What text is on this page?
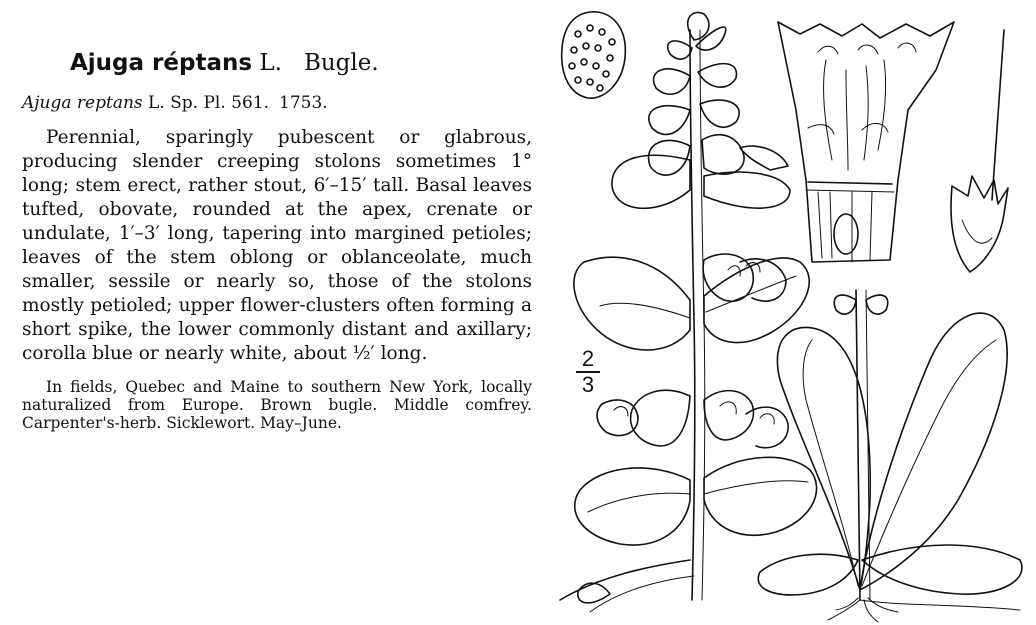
Ajuga réptans L. Bugle.

Ajuga reptans L. Sp. Pl. 561. 1753.

Perennial, sparingly pubescent or glabrous, producing slender creeping stolons sometimes 1° long; stem erect, rather stout, 6′–15′ tall. Basal leaves tufted, obovate, rounded at the apex, crenate or undulate, 1′–3′ long, tapering into margined petioles; leaves of the stem oblong or oblanceolate, much smaller, sessile or nearly so, those of the stolons mostly petioled; upper flower-clusters often forming a short spike, the lower commonly distant and axillary; corolla blue or nearly white, about ½′ long.

In fields, Quebec and Maine to southern New York, locally naturalized from Europe. Brown bugle. Middle comfrey. Carpenter's-herb. Sicklewort. May–June.

$\frac{2}{3}$
